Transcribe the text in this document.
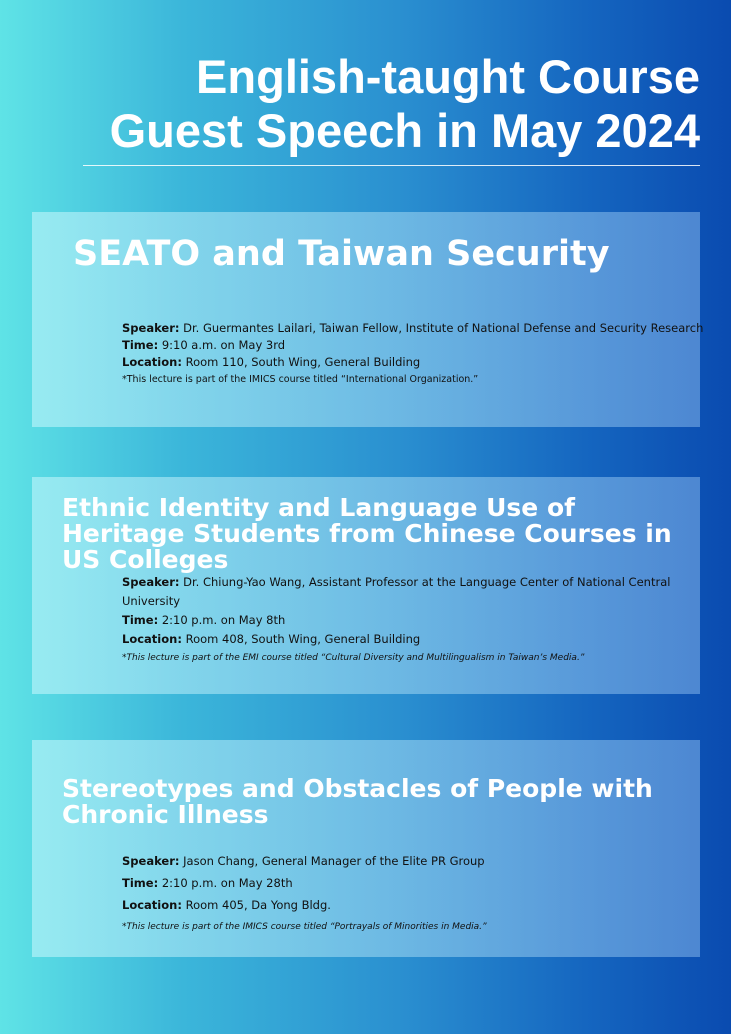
English-taught Course
Guest Speech in May 2024
SEATO and Taiwan Security
Speaker: Dr. Guermantes Lailari, Taiwan Fellow, Institute of National Defense and Security Research
Time: 9:10 a.m. on May 3rd
Location: Room 110, South Wing, General Building
*This lecture is part of the IMICS course titled “International Organization.”
Ethnic Identity and Language Use of Heritage Students from Chinese Courses in US Colleges
Speaker: Dr. Chiung-Yao Wang, Assistant Professor at the Language Center of National Central University
Time: 2:10 p.m. on May 8th
Location: Room 408, South Wing, General Building
*This lecture is part of the EMI course titled “Cultural Diversity and Multilingualism in Taiwan’s Media.”
Stereotypes and Obstacles of People with Chronic Illness
Speaker: Jason Chang, General Manager of the Elite PR Group
Time: 2:10 p.m. on May 28th
Location: Room 405, Da Yong Bldg.
*This lecture is part of the IMICS course titled “Portrayals of Minorities in Media.”
